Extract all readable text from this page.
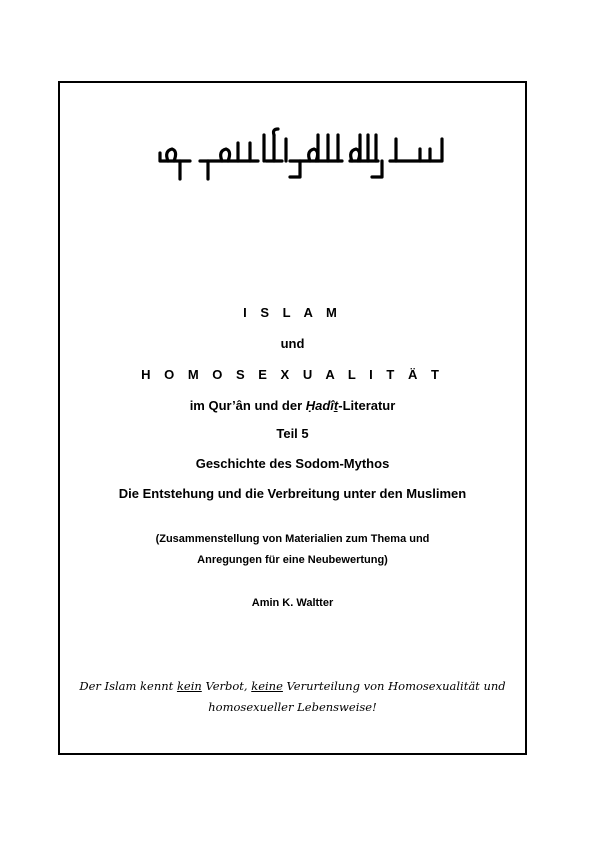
I S L A M
und
H O M O S E X U A L I T Ä T
im Qur’ân und der Ḥadîṯ-Literatur
Teil 5
Geschichte des Sodom-Mythos
Die Entstehung und die Verbreitung unter den Muslimen
(Zusammenstellung von Materialien zum Thema und
Anregungen für eine Neubewertung)
Amin K. Waltter
Der Islam kennt kein Verbot, keine Verurteilung von Homosexualität und
homosexueller Lebensweise!
